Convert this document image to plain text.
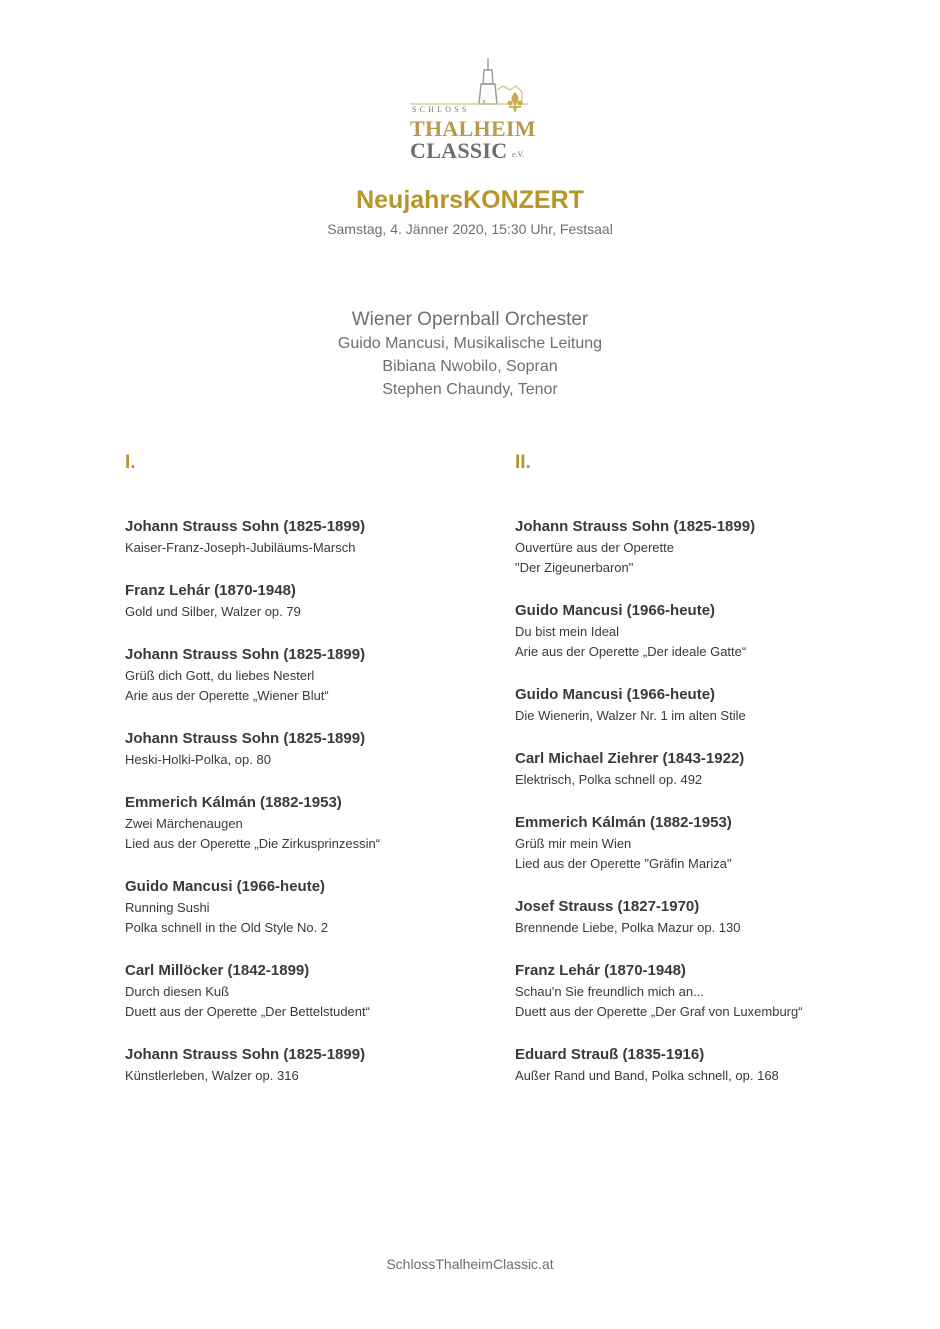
SCHLOSS
THALHEIM
CLASSIC e.V.
NeujahrsKONZERT
Samstag, 4. Jänner 2020, 15:30 Uhr, Festsaal
Wiener Opernball Orchester
Guido Mancusi, Musikalische Leitung
Bibiana Nwobilo, Sopran
Stephen Chaundy, Tenor
I.	II.
Johann Strauss Sohn (1825-1899)
Kaiser-Franz-Joseph-Jubiläums-Marsch
Franz Lehár (1870-1948)
Gold und Silber, Walzer op. 79
Johann Strauss Sohn (1825-1899)
Grüß dich Gott, du liebes Nesterl
Arie aus der Operette „Wiener Blut“
Johann Strauss Sohn (1825-1899)
Heski-Holki-Polka, op. 80
Emmerich Kálmán (1882-1953)
Zwei Märchenaugen
Lied aus der Operette „Die Zirkusprinzessin“
Guido Mancusi (1966-heute)
Running Sushi
Polka schnell in the Old Style No. 2
Carl Millöcker (1842-1899)
Durch diesen Kuß
Duett aus der Operette „Der Bettelstudent“
Johann Strauss Sohn (1825-1899)
Künstlerleben, Walzer op. 316
Johann Strauss Sohn (1825-1899)
Ouvertüre aus der Operette
"Der Zigeunerbaron"
Guido Mancusi (1966-heute)
Du bist mein Ideal
Arie aus der Operette „Der ideale Gatte“
Guido Mancusi (1966-heute)
Die Wienerin, Walzer Nr. 1 im alten Stile
Carl Michael Ziehrer (1843-1922)
Elektrisch, Polka schnell op. 492
Emmerich Kálmán (1882-1953)
Grüß mir mein Wien
Lied aus der Operette "Gräfin Mariza"
Josef Strauss (1827-1970)
Brennende Liebe, Polka Mazur op. 130
Franz Lehár (1870-1948)
Schau'n Sie freundlich mich an...
Duett aus der Operette „Der Graf von Luxemburg“
Eduard Strauß (1835-1916)
Außer Rand und Band, Polka schnell, op. 168
SchlossThalheimClassic.at
